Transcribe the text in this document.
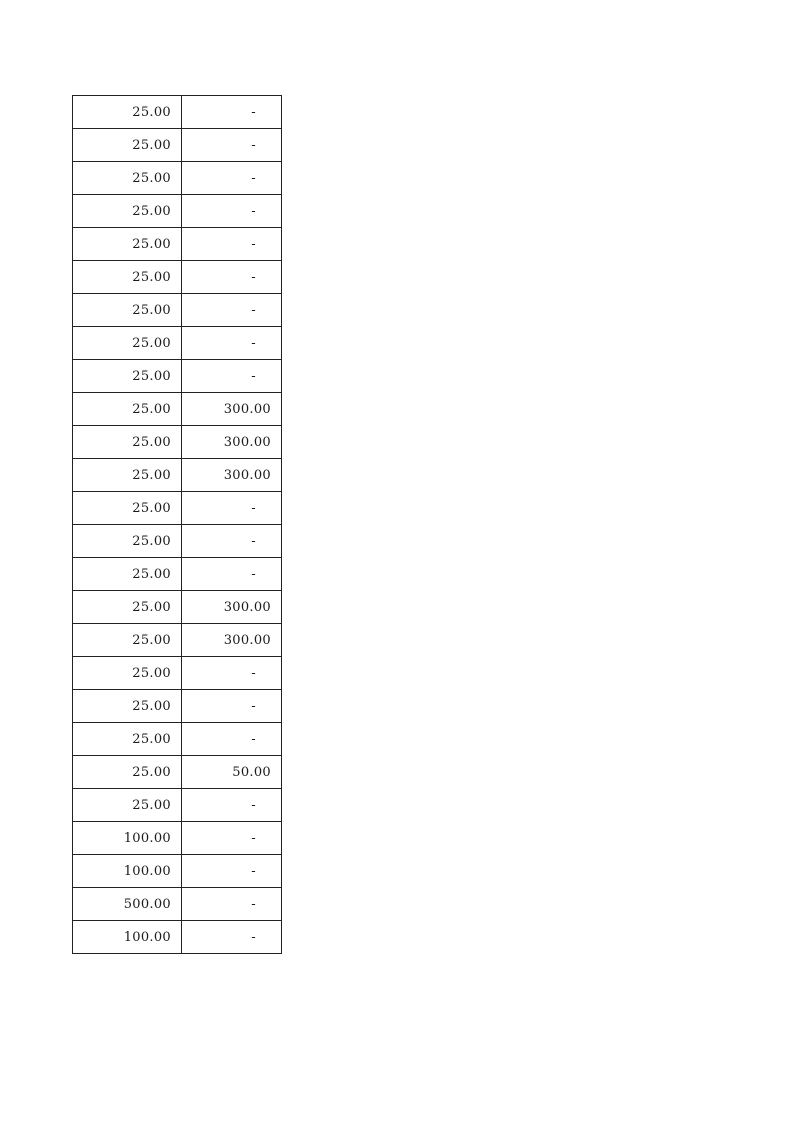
25.00	-
25.00	-
25.00	-
25.00	-
25.00	-
25.00	-
25.00	-
25.00	-
25.00	-
25.00	300.00
25.00	300.00
25.00	300.00
25.00	-
25.00	-
25.00	-
25.00	300.00
25.00	300.00
25.00	-
25.00	-
25.00	-
25.00	50.00
25.00	-
100.00	-
100.00	-
500.00	-
100.00	-
